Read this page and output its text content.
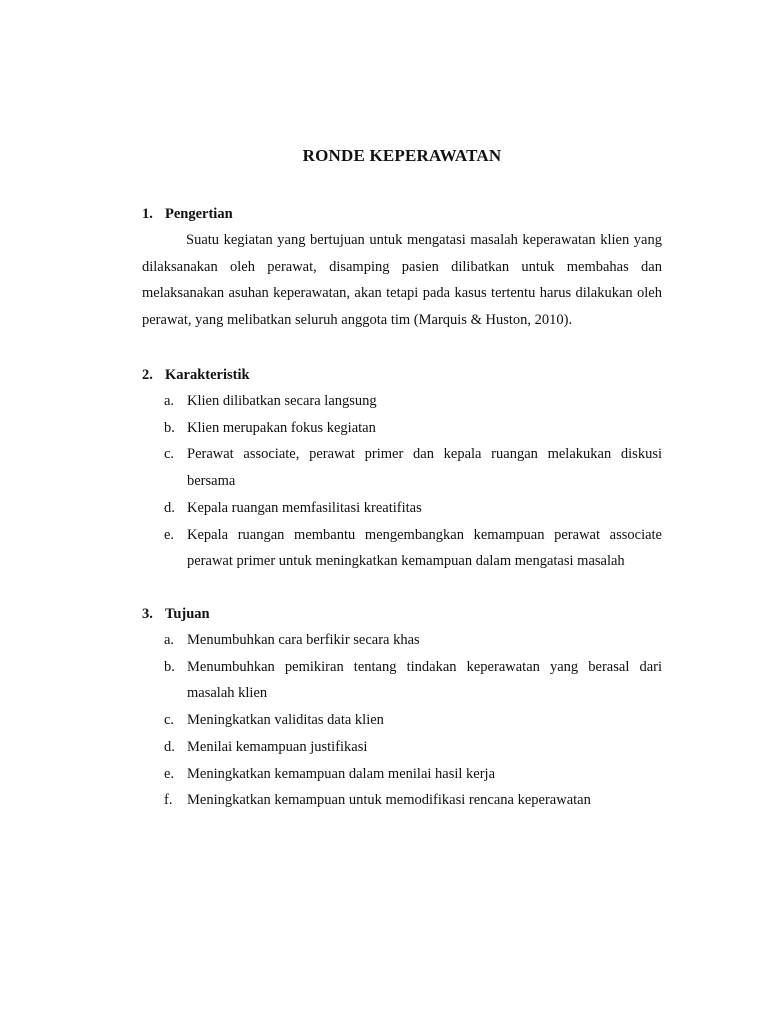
RONDE KEPERAWATAN
1. Pengertian

Suatu kegiatan yang bertujuan untuk mengatasi masalah keperawatan klien yang dilaksanakan oleh perawat, disamping pasien dilibatkan untuk membahas dan melaksanakan asuhan keperawatan, akan tetapi pada kasus tertentu harus dilakukan oleh perawat, yang melibatkan seluruh anggota tim (Marquis & Huston, 2010).

2. Karakteristik
a. Klien dilibatkan secara langsung
b. Klien merupakan fokus kegiatan
c. Perawat associate, perawat primer dan kepala ruangan melakukan diskusi bersama
d. Kepala ruangan memfasilitasi kreatifitas
e. Kepala ruangan membantu mengembangkan kemampuan perawat associate perawat primer untuk meningkatkan kemampuan dalam mengatasi masalah
3. Tujuan
a. Menumbuhkan cara berfikir secara khas
b. Menumbuhkan pemikiran tentang tindakan keperawatan yang berasal dari masalah klien
c. Meningkatkan validitas data klien
d. Menilai kemampuan justifikasi
e. Meningkatkan kemampuan dalam menilai hasil kerja
f.	Meningkatkan kemampuan untuk memodifikasi rencana keperawatan
